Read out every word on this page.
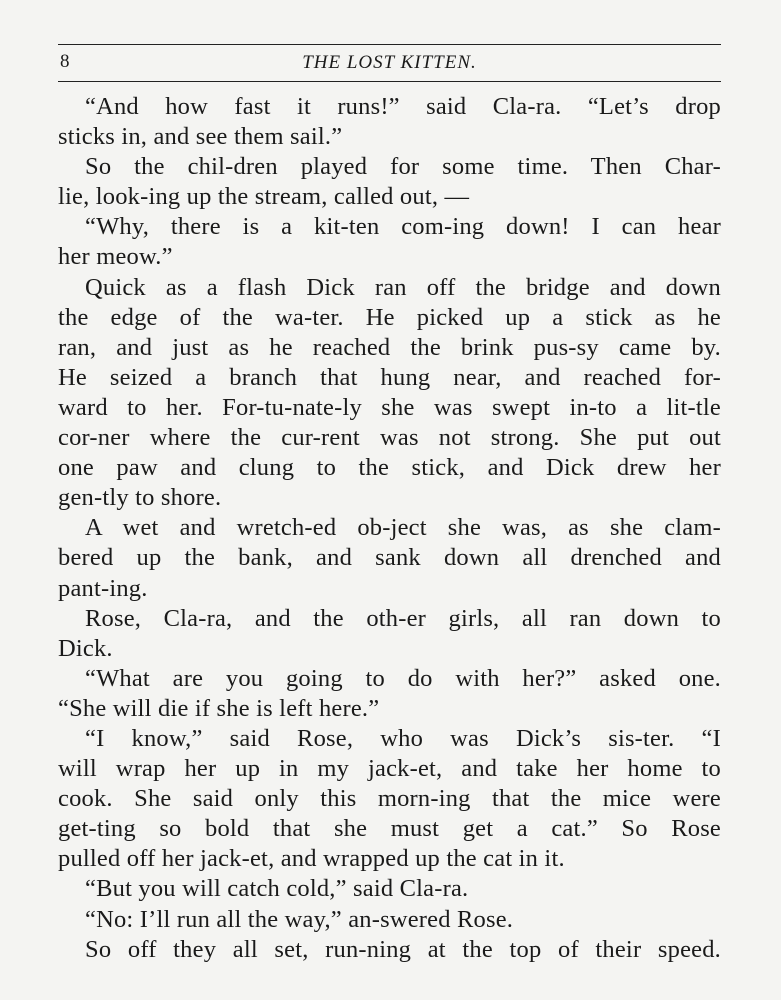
8	THE LOST KITTEN.
“And how fast it runs!” said Cla-ra. “Let’s drop
sticks in, and see them sail.”
So the chil-dren played for some time. Then Char-
lie, look-ing up the stream, called out, —
“Why, there is a kit-ten com-ing down! I can hear
her meow.”
Quick as a flash Dick ran off the bridge and down
the edge of the wa-ter. He picked up a stick as he
ran, and just as he reached the brink pus-sy came by.
He seized a branch that hung near, and reached for-
ward to her. For-tu-nate-ly she was swept in-to a lit-tle
cor-ner where the cur-rent was not strong. She put out
one paw and clung to the stick, and Dick drew her
gen-tly to shore.
A wet and wretch-ed ob-ject she was, as she clam-
bered up the bank, and sank down all drenched and
pant-ing.
Rose, Cla-ra, and the oth-er girls, all ran down to
Dick.
“What are you going to do with her?” asked one.
“She will die if she is left here.”
“I know,” said Rose, who was Dick’s sis-ter. “I
will wrap her up in my jack-et, and take her home to
cook. She said only this morn-ing that the mice were
get-ting so bold that she must get a cat.” So Rose
pulled off her jack-et, and wrapped up the cat in it.
“But you will catch cold,” said Cla-ra.
“No: I’ll run all the way,” an-swered Rose.
So off they all set, run-ning at the top of their speed.
